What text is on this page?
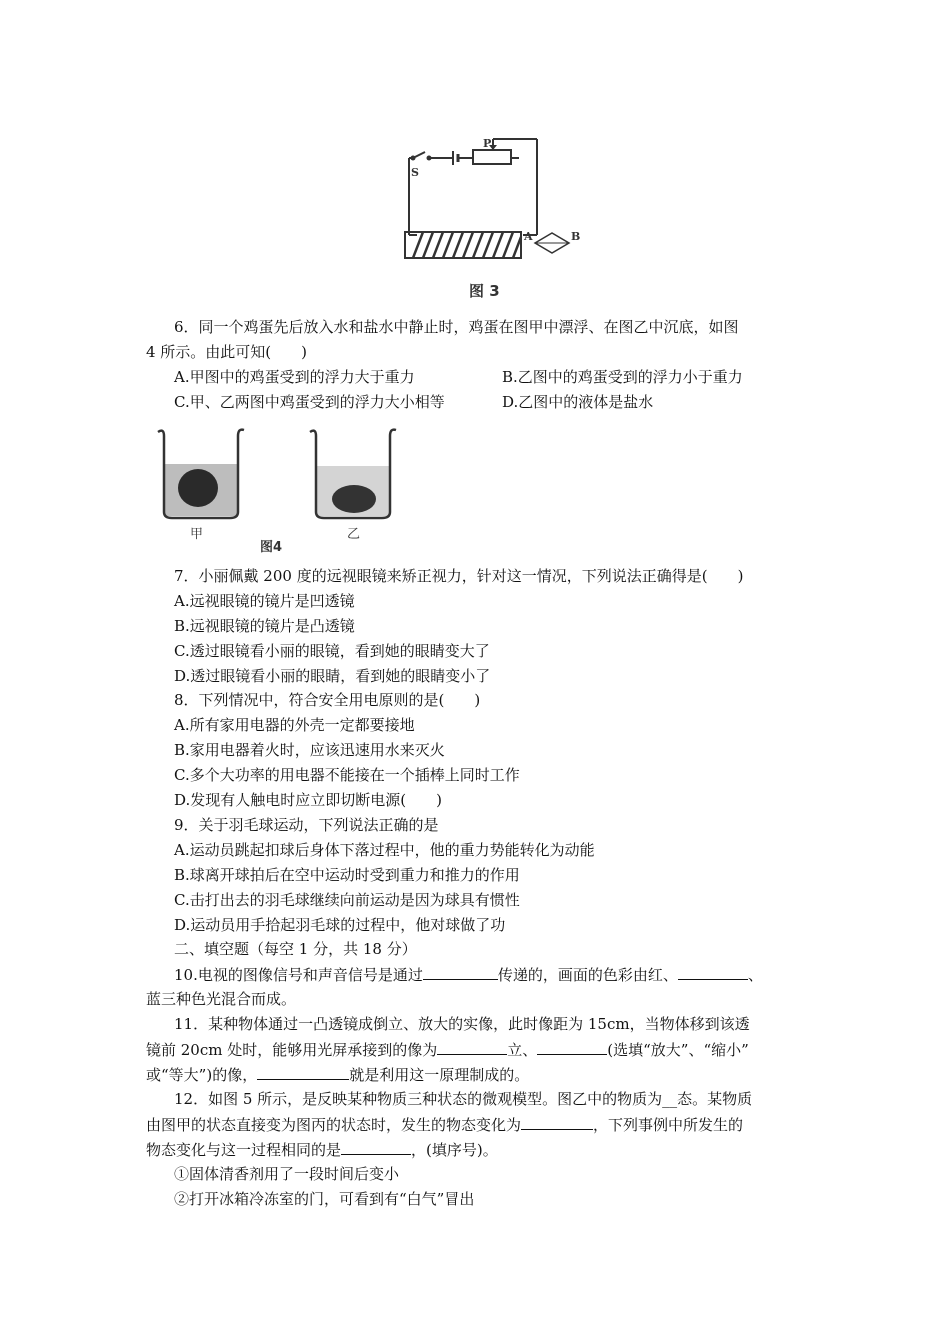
S
P
A	B
图 3
6．同一个鸡蛋先后放入水和盐水中静止时，鸡蛋在图甲中漂浮、在图乙中沉底，如图
4 所示。由此可知(　　)
A.甲图中的鸡蛋受到的浮力大于重力	B.乙图中的鸡蛋受到的浮力小于重力
C.甲、乙两图中鸡蛋受到的浮力大小相等	D.乙图中的液体是盐水
甲	乙
图4
7．小丽佩戴 200 度的远视眼镜来矫正视力，针对这一情况，下列说法正确得是(　　)
A.远视眼镜的镜片是凹透镜
B.远视眼镜的镜片是凸透镜
C.透过眼镜看小丽的眼镜，看到她的眼睛变大了
D.透过眼镜看小丽的眼睛，看到她的眼睛变小了
8．下列情况中，符合安全用电原则的是(　　)
A.所有家用电器的外壳一定都要接地
B.家用电器着火时，应该迅速用水来灭火
C.多个大功率的用电器不能接在一个插棒上同时工作
D.发现有人触电时应立即切断电源(　　)
9．关于羽毛球运动，下列说法正确的是
A.运动员跳起扣球后身体下落过程中，他的重力势能转化为动能
B.球离开球拍后在空中运动时受到重力和推力的作用
C.击打出去的羽毛球继续向前运动是因为球具有惯性
D.运动员用手拾起羽毛球的过程中，他对球做了功
二、填空题（每空 1 分，共 18 分）
10.电视的图像信号和声音信号是通过	传递的，画面的色彩由红、	、
蓝三种色光混合而成。
11．某种物体通过一凸透镜成倒立、放大的实像，此时像距为 15cm，当物体移到该透
镜前 20cm 处时，能够用光屏承接到的像为	立、	(选填“放大”、“缩小”
或“等大”)的像，	就是利用这一原理制成的。
12．如图 5 所示，是反映某种物质三种状态的微观模型。图乙中的物质为__态。某物质
由图甲的状态直接变为图丙的状态时，发生的物态变化为	，下列事例中所发生的
物态变化与这一过程相同的是	，(填序号)。
①固体清香剂用了一段时间后变小
②打开冰箱冷冻室的门，可看到有“白气”冒出
